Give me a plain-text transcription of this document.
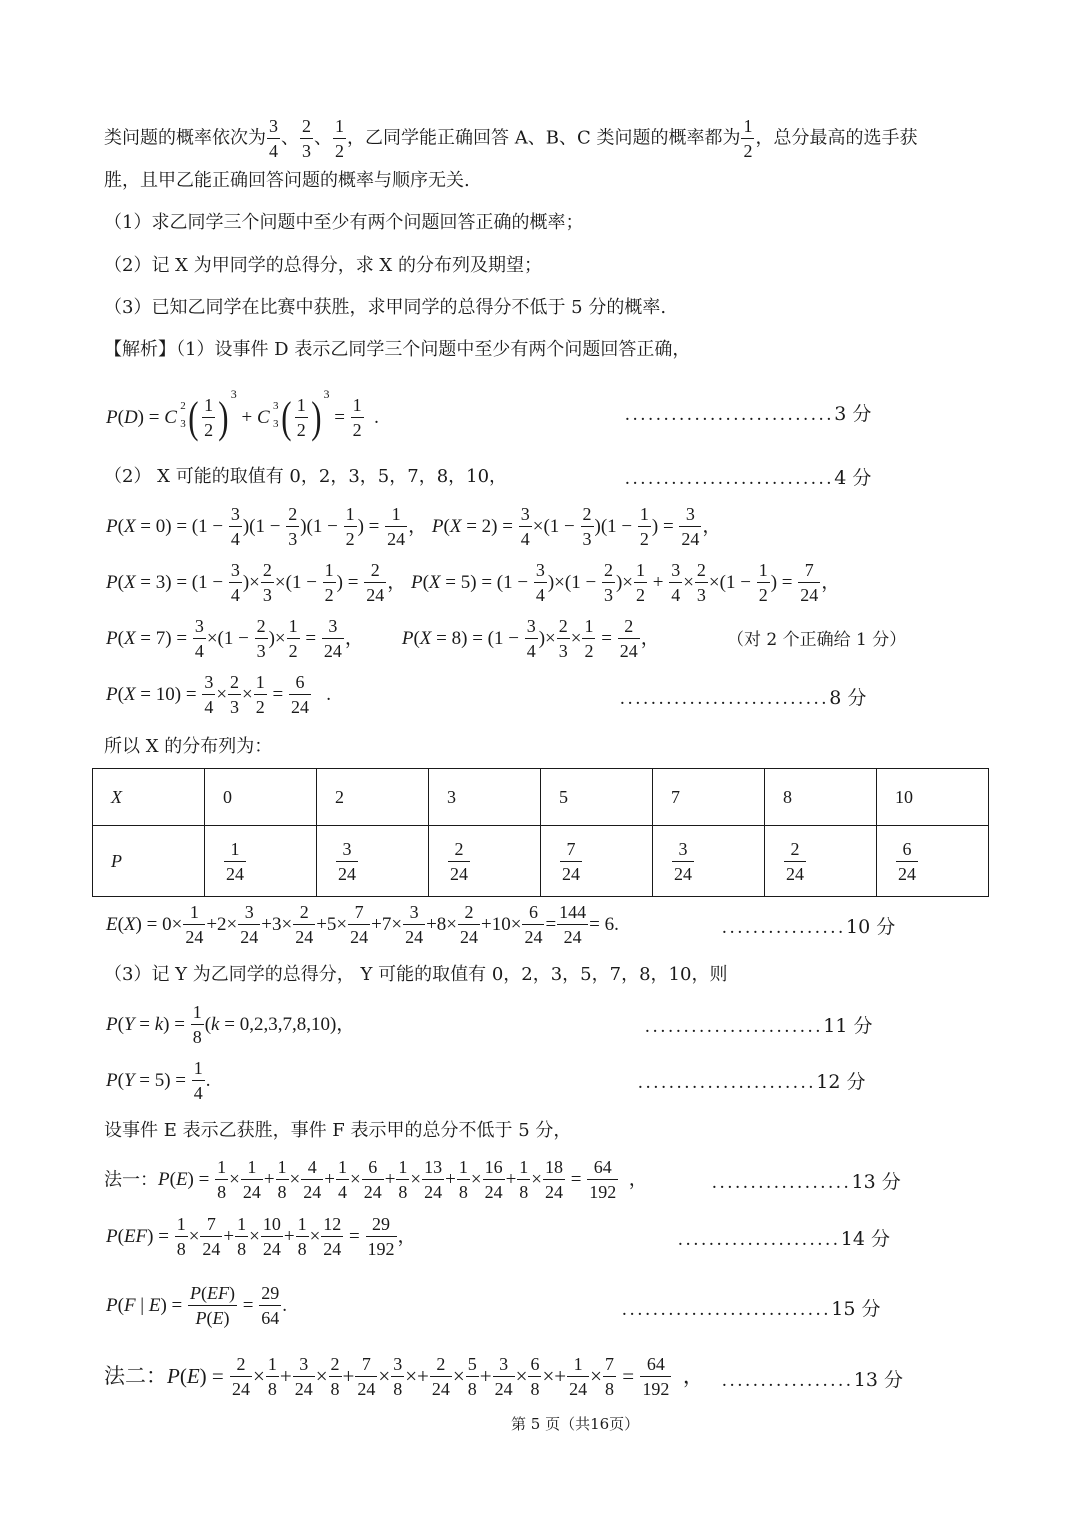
类问题的概率依次为 $\frac{3}{4}$ 、 $\frac{2}{3}$ 、 $\frac{1}{2}$ ，乙同学能正确回答 A、B、C 类问题的概率都为 $\frac{1}{2}$ ，总分最高的选手获
胜，且甲乙能正确回答问题的概率与顺序无关.
（1）求乙同学三个问题中至少有两个问题回答正确的概率；
（2）记 X 为甲同学的总得分，求 X 的分布列及期望；
（3）已知乙同学在比赛中获胜，求甲同学的总得分不低于 5 分的概率.
【解析】（1）设事件 D 表示乙同学三个问题中至少有两个问题回答正确，
P(D) = C
2
3 ( $\frac{1}{2}$ ) $^3$ + C
3
3 ( $\frac{1}{2}$ ) $^3 = \frac{1}{2}$ .	...........................3 分
（2） X 可能的取值有 0，2，3，5，7，8，10，	...........................4 分
$P(X = 0) = (1 - \frac{3}{4} )(1 - \frac{2}{3} )(1 - \frac{1}{2}$ ) = $\frac{1}{24}$ ， $P(X = 2) = \frac{3}{4} \times(1 - \frac{2}{3} )(1 - \frac{1}{2}$ ) = $\frac{3}{24}$ ，
$P(X = 3) = (1 - \frac{3}{4}$ )× $\frac{2}{3} \times(1 - \frac{1}{2}$ ) = $\frac{2}{24}$ ， $P(X = 5) = (1 - \frac{3}{4} )\times(1 - \frac{2}{3}$ )× $\frac{1}{2} + \frac{3}{4} \times \frac{2}{3} \times(1 - \frac{1}{2}$ ) = $\frac{7}{24}$ ，
$P(X = 7) = \frac{3}{4} \times(1 - \frac{2}{3}$ )× $\frac{1}{2} = \frac{3}{24}$ ，        $P(X = 8) = (1 - \frac{3}{4}$ )× $\frac{2}{3} \times \frac{1}{2} = \frac{2}{24}$ ，	（对 2 个正确给 1 分）
$P(X = 10) = \frac{3}{4} \times \frac{2}{3} \times \frac{1}{2} = \frac{6}{24}$ .	...........................8 分
所以 X 的分布列为：
X	0	2	3	5	7	8	10
P	$\frac{1}{24}$	$\frac{3}{24}$	$\frac{2}{24}$	$\frac{7}{24}$	$\frac{3}{24}$	$\frac{2}{24}$	$\frac{6}{24}$
$E(X) = 0\times \frac{1}{24} +2\times \frac{3}{24} +3\times \frac{2}{24} +5\times \frac{7}{24} +7\times \frac{3}{24} +8\times \frac{2}{24} +10\times \frac{6}{24} = \frac{144}{24} = 6$.	................10 分
（3）记 Y 为乙同学的总得分， Y 可能的取值有 0，2，3，5，7，8，10，则
$P(Y = k) = \frac{1}{8} (k = 0,2,3,7,8,10)$，	.......................11 分
$P(Y = 5) = \frac{1}{4}$ .	.......................12 分
设事件 E 表示乙获胜，事件 F 表示甲的总分不低于 5 分，
法一：$P(E) = \frac{1}{8} \times \frac{1}{24} + \frac{1}{8} \times \frac{4}{24} + \frac{1}{4} \times \frac{6}{24} + \frac{1}{8} \times \frac{13}{24} + \frac{1}{8} \times \frac{16}{24} + \frac{1}{8} \times \frac{18}{24} = \frac{64}{192}$ ，	..................13 分
$P(EF) = \frac{1}{8} \times \frac{7}{24} + \frac{1}{8} \times \frac{10}{24} + \frac{1}{8} \times \frac{12}{24} = \frac{29}{192}$ ，	.....................14 分
P(F | $E) = \frac{P(EF)}{P(E)} = \frac{29}{64}$ .	...........................15 分
法二：$P(E) = \frac{2}{24} \times \frac{1}{8} + \frac{3}{24} \times \frac{2}{8} + \frac{7}{24} \times \frac{3}{8} \times+ \frac{2}{24} \times \frac{5}{8} + \frac{3}{24} \times \frac{6}{8} \times+ \frac{1}{24} \times \frac{7}{8} = \frac{64}{192}$ ， .................13 分
第 5 页（共16页）
